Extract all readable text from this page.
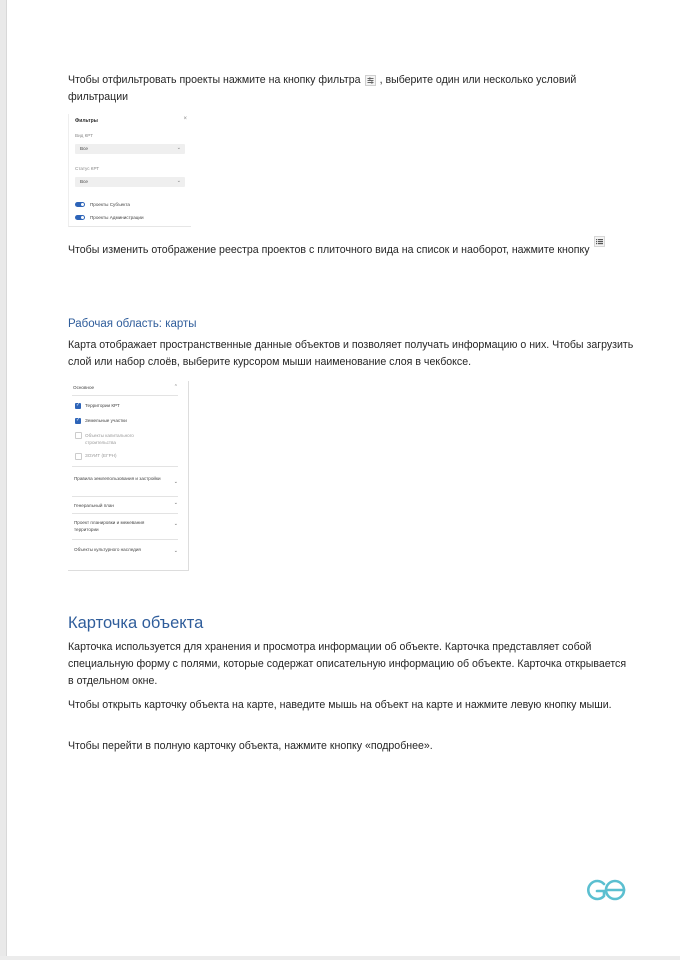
Чтобы отфильтровать проекты нажмите на кнопку фильтра , выберите один или несколько условий фильтрации

Фильтры	×
Вид КРТ
Все	⌄
Статус КРТ
Все	⌄
Проекты Субъекта
Проекты Администрации

Чтобы изменить отображение реестра проектов с плиточного вида на список и наоборот, нажмите кнопку

Рабочая область: карты

Карта отображает пространственные данные объектов и позволяет получать информацию о них. Чтобы загрузить слой или набор слоёв, выберите курсором мыши наименование слоя в чекбоксе.

Основное	⌃
✓
Территории КРТ
✓
Земельные участки
Объекты капитального строительства
ЗОУИТ (ЕГРН)
Правила землепользования и застройки
⌄
Генеральный план	⌄
Проект планировки и межевания территории
⌄
Объекты культурного наследия	⌄
Карточка объекта

Карточка используется для хранения и просмотра информации об объекте. Карточка представляет собой специальную форму с полями, которые содержат описательную информацию об объекте. Карточка открывается в отдельном окне.

Чтобы открыть карточку объекта на карте, наведите мышь на объект на карте и нажмите левую кнопку мыши.

Чтобы перейти в полную карточку объекта, нажмите кнопку «подробнее».
